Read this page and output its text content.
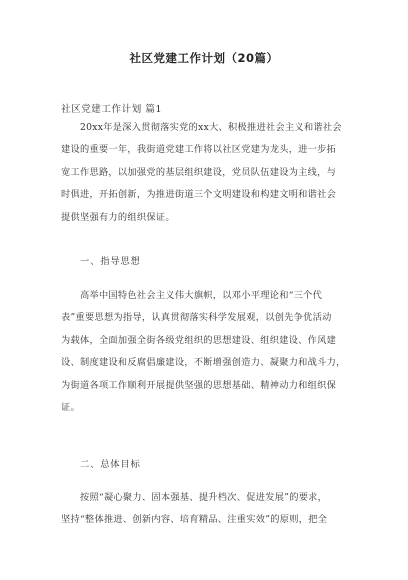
社区党建工作计划（20篇）
社区党建工作计划 篇1
　　20xx年是深入贯彻落实党的xx大、积极推进社会主义和谐社会
建设的重要一年，我街道党建工作将以社区党建为龙头，进一步拓
宽工作思路，以加强党的基层组织建设，党员队伍建设为主线，与
时俱进，开拓创新，为推进街道三个文明建设和构建文明和谐社会
提供坚强有力的组织保证。
一、指导思想
　　高举中国特色社会主义伟大旗帜，以邓小平理论和“三个代
表”重要思想为指导，认真贯彻落实科学发展观，以创先争优活动
为载体，全面加强全街各级党组织的思想建设、组织建设、作风建
设、制度建设和反腐倡廉建设，不断增强创造力、凝聚力和战斗力，
为街道各项工作顺利开展提供坚强的思想基础、精神动力和组织保
证。
二、总体目标
　　按照“凝心聚力、固本强基、提升档次、促进发展”的要求，
坚持“整体推进、创新内容、培育精品、注重实效”的原则，把全
